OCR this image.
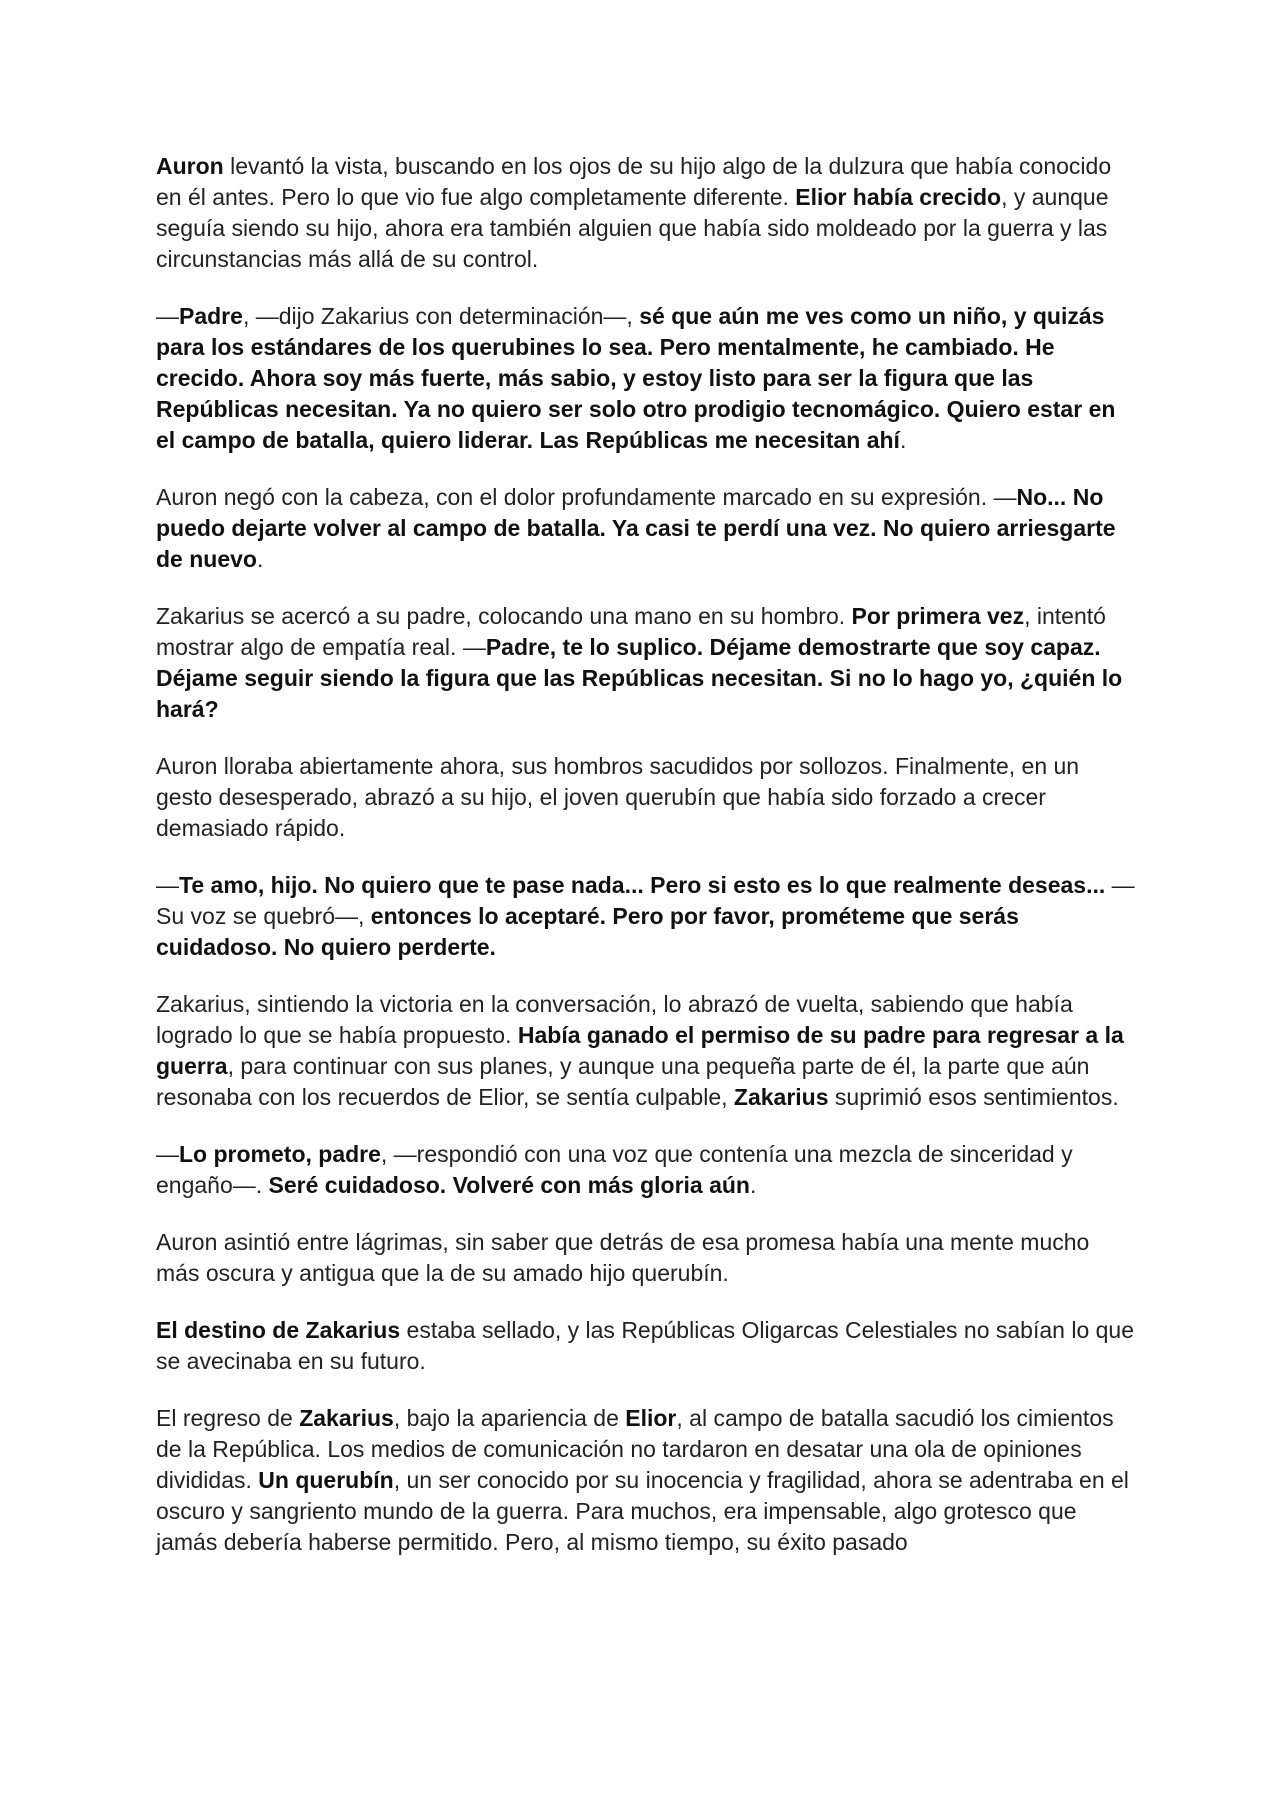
Auron levantó la vista, buscando en los ojos de su hijo algo de la dulzura que había conocido en él antes. Pero lo que vio fue algo completamente diferente. Elior había crecido, y aunque seguía siendo su hijo, ahora era también alguien que había sido moldeado por la guerra y las circunstancias más allá de su control.

—Padre, —dijo Zakarius con determinación—, sé que aún me ves como un niño, y quizás para los estándares de los querubines lo sea. Pero mentalmente, he cambiado. He crecido. Ahora soy más fuerte, más sabio, y estoy listo para ser la figura que las Repúblicas necesitan. Ya no quiero ser solo otro prodigio tecnomágico. Quiero estar en el campo de batalla, quiero liderar. Las Repúblicas me necesitan ahí.

Auron negó con la cabeza, con el dolor profundamente marcado en su expresión. —No... No puedo dejarte volver al campo de batalla. Ya casi te perdí una vez. No quiero arriesgarte de nuevo.

Zakarius se acercó a su padre, colocando una mano en su hombro. Por primera vez, intentó mostrar algo de empatía real. —Padre, te lo suplico. Déjame demostrarte que soy capaz. Déjame seguir siendo la figura que las Repúblicas necesitan. Si no lo hago yo, ¿quién lo hará?

Auron lloraba abiertamente ahora, sus hombros sacudidos por sollozos. Finalmente, en un gesto desesperado, abrazó a su hijo, el joven querubín que había sido forzado a crecer demasiado rápido.

—Te amo, hijo. No quiero que te pase nada... Pero si esto es lo que realmente deseas... —Su voz se quebró—, entonces lo aceptaré. Pero por favor, prométeme que serás cuidadoso. No quiero perderte.

Zakarius, sintiendo la victoria en la conversación, lo abrazó de vuelta, sabiendo que había logrado lo que se había propuesto. Había ganado el permiso de su padre para regresar a la guerra, para continuar con sus planes, y aunque una pequeña parte de él, la parte que aún resonaba con los recuerdos de Elior, se sentía culpable, Zakarius suprimió esos sentimientos.

—Lo prometo, padre, —respondió con una voz que contenía una mezcla de sinceridad y engaño—. Seré cuidadoso. Volveré con más gloria aún.

Auron asintió entre lágrimas, sin saber que detrás de esa promesa había una mente mucho más oscura y antigua que la de su amado hijo querubín.

El destino de Zakarius estaba sellado, y las Repúblicas Oligarcas Celestiales no sabían lo que se avecinaba en su futuro.

El regreso de Zakarius, bajo la apariencia de Elior, al campo de batalla sacudió los cimientos de la República. Los medios de comunicación no tardaron en desatar una ola de opiniones divididas. Un querubín, un ser conocido por su inocencia y fragilidad, ahora se adentraba en el oscuro y sangriento mundo de la guerra. Para muchos, era impensable, algo grotesco que jamás debería haberse permitido. Pero, al mismo tiempo, su éxito pasado
